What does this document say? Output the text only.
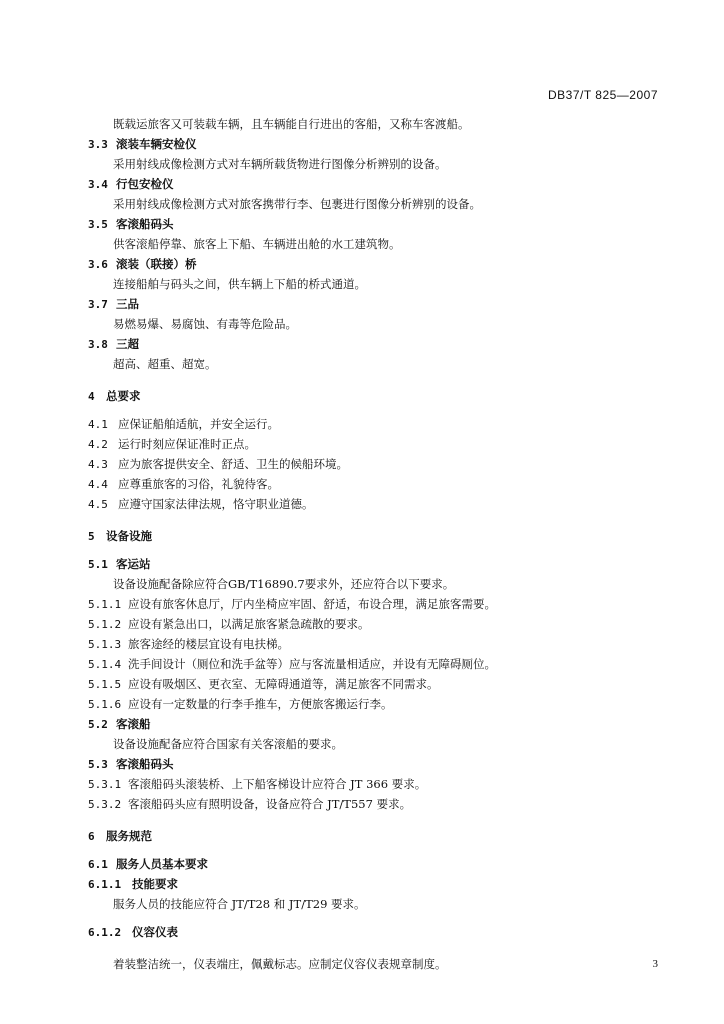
DB37/T 825—2007
既载运旅客又可装载车辆，且车辆能自行进出的客船，又称车客渡船。
3.3 滚装车辆安检仪
采用射线成像检测方式对车辆所载货物进行图像分析辨别的设备。
3.4 行包安检仪
采用射线成像检测方式对旅客携带行李、包裹进行图像分析辨别的设备。
3.5 客滚船码头
供客滚船停靠、旅客上下船、车辆进出舱的水工建筑物。
3.6 滚装（联接）桥
连接船舶与码头之间，供车辆上下船的桥式通道。
3.7 三品
易燃易爆、易腐蚀、有毒等危险品。
3.8 三超
超高、超重、超宽。
4 总要求
4.1 应保证船舶适航，并安全运行。
4.2 运行时刻应保证准时正点。
4.3 应为旅客提供安全、舒适、卫生的候船环境。
4.4 应尊重旅客的习俗，礼貌待客。
4.5 应遵守国家法律法规，恪守职业道德。
5 设备设施
5.1 客运站
设备设施配备除应符合GB/T16890.7要求外，还应符合以下要求。
5.1.1 应设有旅客休息厅，厅内坐椅应牢固、舒适，布设合理，满足旅客需要。
5.1.2 应设有紧急出口，以满足旅客紧急疏散的要求。
5.1.3 旅客途经的楼层宜设有电扶梯。
5.1.4 洗手间设计（厕位和洗手盆等）应与客流量相适应，并设有无障碍厕位。
5.1.5 应设有吸烟区、更衣室、无障碍通道等，满足旅客不同需求。
5.1.6 应设有一定数量的行李手推车，方便旅客搬运行李。
5.2 客滚船
设备设施配备应符合国家有关客滚船的要求。
5.3 客滚船码头
5.3.1 客滚船码头滚装桥、上下船客梯设计应符合 JT 366 要求。
5.3.2 客滚船码头应有照明设备，设备应符合 JT/T557 要求。
6 服务规范
6.1 服务人员基本要求
6.1.1 技能要求
服务人员的技能应符合 JT/T28 和 JT/T29 要求。
6.1.2 仪容仪表
着装整洁统一，仪表端庄，佩戴标志。应制定仪容仪表规章制度。	3
